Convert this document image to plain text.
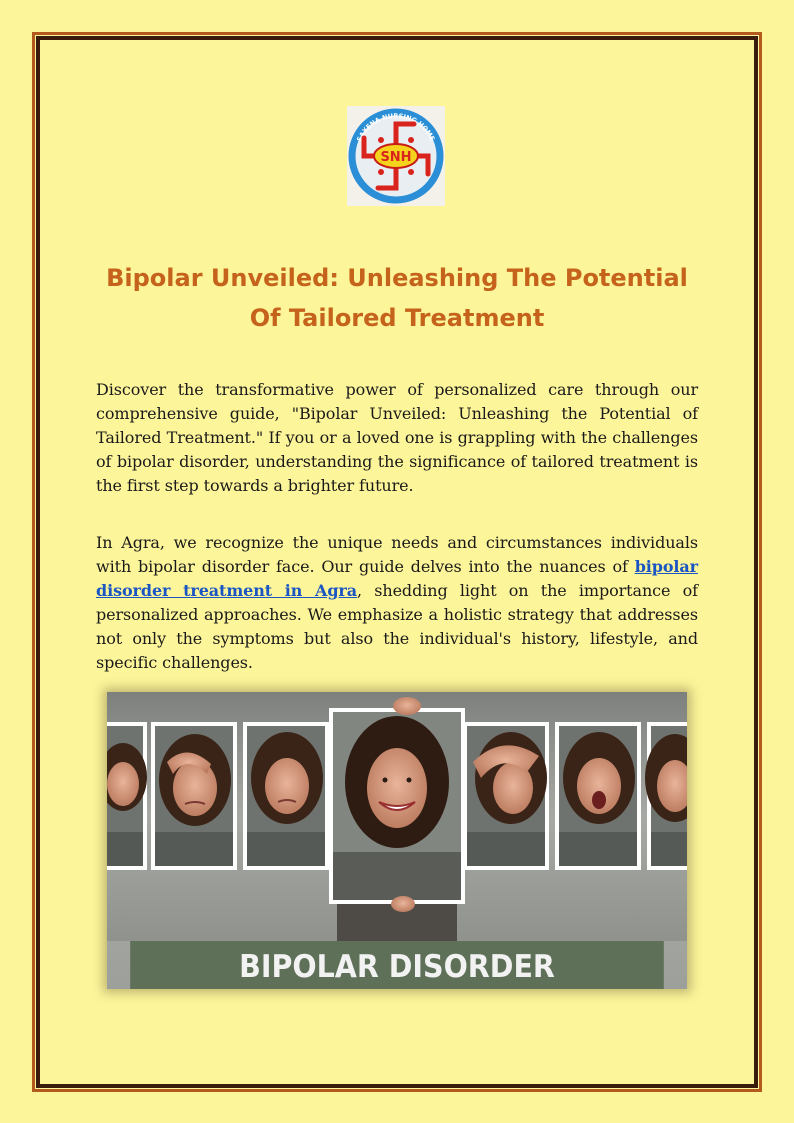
SAXENA NURSING HOME
SNH
Bipolar Unveiled: Unleashing The Potential Of Tailored Treatment

Discover the transformative power of personalized care through our comprehensive guide, "Bipolar Unveiled: Unleashing the Potential of Tailored Treatment." If you or a loved one is grappling with the challenges of bipolar disorder, understanding the significance of tailored treatment is the first step towards a brighter future.

In Agra, we recognize the unique needs and circumstances individuals with bipolar disorder face. Our guide delves into the nuances of bipolar disorder treatment in Agra, shedding light on the importance of personalized approaches. We emphasize a holistic strategy that addresses not only the symptoms but also the individual's history, lifestyle, and specific challenges.

BIPOLAR DISORDER
